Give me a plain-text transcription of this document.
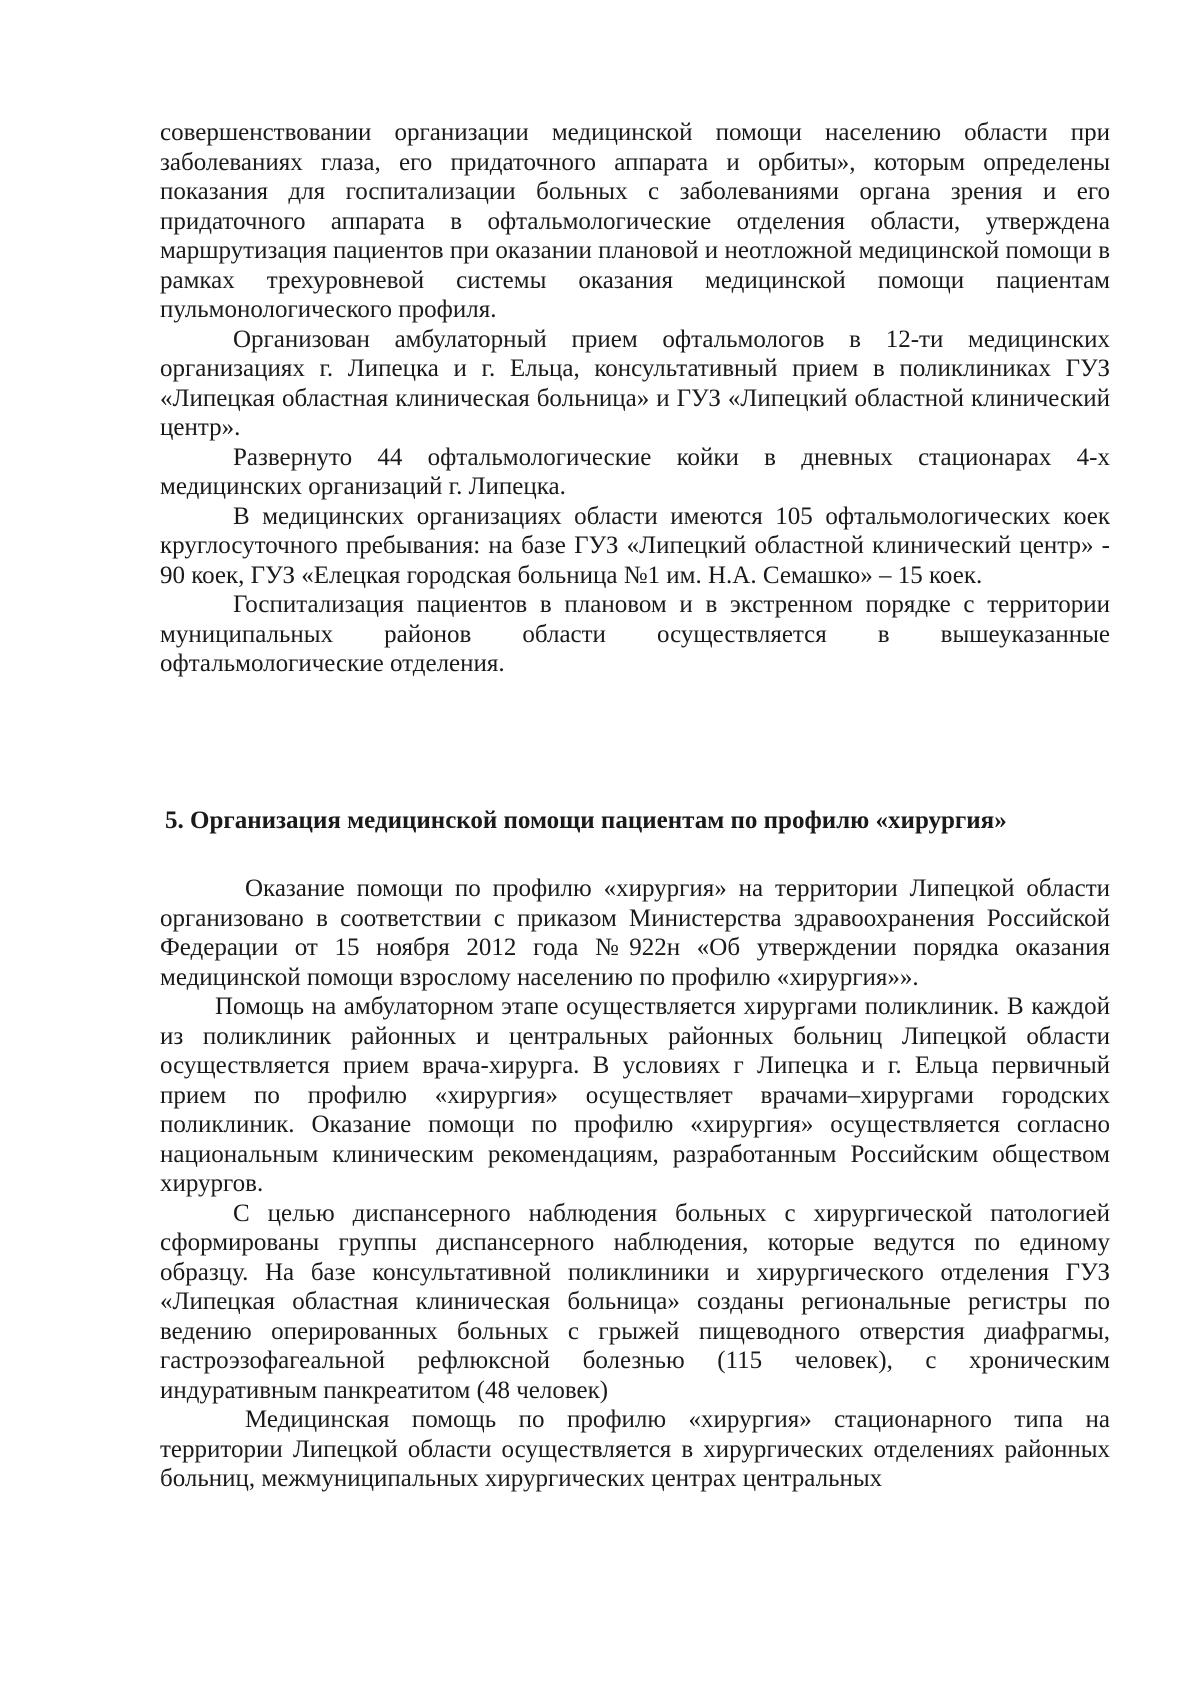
совершенствовании организации медицинской помощи населению области при заболеваниях глаза, его придаточного аппарата и орбиты», которым определены показания для госпитализации больных с заболеваниями органа зрения и его придаточного аппарата в офтальмологические отделения области, утверждена маршрутизация пациентов при оказании плановой и неотложной медицинской помощи в рамках трехуровневой системы оказания медицинской помощи пациентам пульмонологического профиля.

Организован амбулаторный прием офтальмологов в 12-ти медицинских организациях г. Липецка и г. Ельца, консультативный прием в поликлиниках ГУЗ «Липецкая областная клиническая больница» и ГУЗ «Липецкий областной клинический центр».

Развернуто 44 офтальмологические койки в дневных стационарах 4-х медицинских организаций г. Липецка.

В медицинских организациях области имеются 105 офтальмологических коек круглосуточного пребывания: на базе ГУЗ «Липецкий областной клинический центр» - 90 коек, ГУЗ «Елецкая городская больница №1 им. Н.А. Семашко» – 15 коек.

Госпитализация пациентов в плановом и в экстренном порядке с территории муниципальных районов области осуществляется в вышеуказанные офтальмологические отделения.

5. Организация медицинской помощи пациентам по профилю «хирургия»

Оказание помощи по профилю «хирургия» на территории Липецкой области организовано в соответствии с приказом Министерства здравоохранения Российской Федерации от 15 ноября 2012 года №922н «Об утверждении порядка оказания медицинской помощи взрослому населению по профилю «хирургия»».

Помощь на амбулаторном этапе осуществляется хирургами поликлиник. В каждой из поликлиник районных и центральных районных больниц Липецкой области осуществляется прием врача-хирурга. В условиях г Липецка и г. Ельца первичный прием по профилю «хирургия» осуществляет врачами–хирургами городских поликлиник. Оказание помощи по профилю «хирургия» осуществляется согласно национальным клиническим рекомендациям, разработанным Российским обществом хирургов.

С целью диспансерного наблюдения больных с хирургической патологией сформированы группы диспансерного наблюдения, которые ведутся по единому образцу. На базе консультативной поликлиники и хирургического отделения ГУЗ «Липецкая областная клиническая больница» созданы региональные регистры по ведению оперированных больных с грыжей пищеводного отверстия диафрагмы, гастроэзофагеальной рефлюксной болезнью (115 человек), с хроническим индуративным панкреатитом (48 человек)

Медицинская помощь по профилю «хирургия» стационарного типа на территории Липецкой области осуществляется в хирургических отделениях районных больниц, межмуниципальных хирургических центрах центральных
